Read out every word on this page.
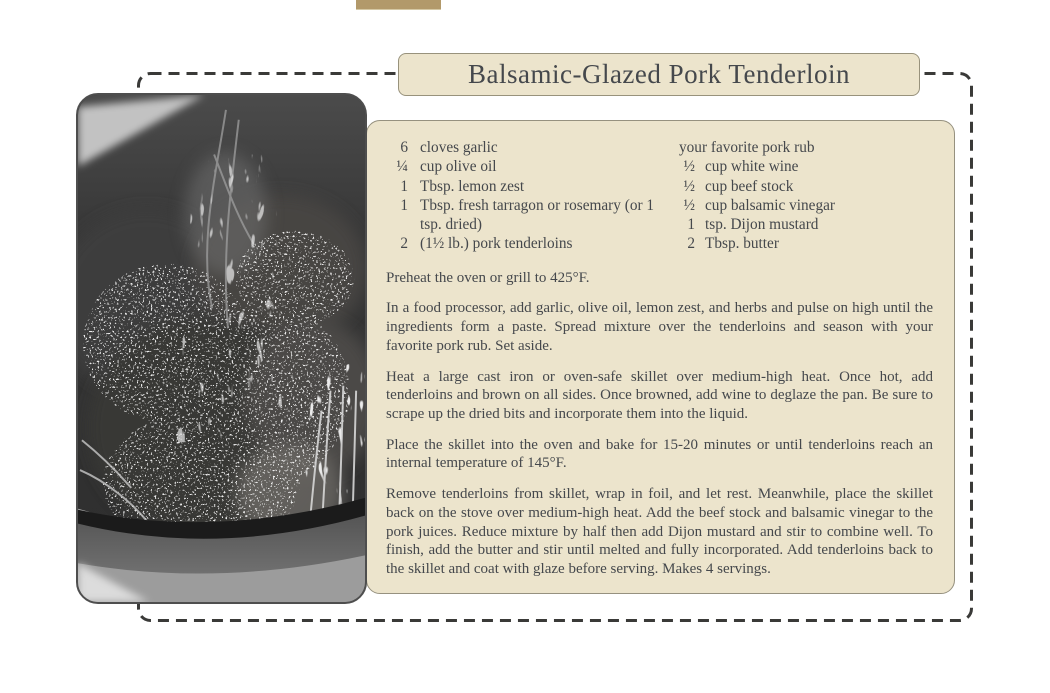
Balsamic-Glazed Pork Tenderloin
6 cloves garlic
¼ cup olive oil
1 Tbsp. lemon zest
1 Tbsp. fresh tarragon or rosemary (or 1 tsp. dried)
2 (1½ lb.) pork tenderloins
your favorite pork rub
½ cup white wine
½ cup beef stock
½ cup balsamic vinegar
1 tsp. Dijon mustard
2 Tbsp. butter

Preheat the oven or grill to 425°F.

In a food processor, add garlic, olive oil, lemon zest, and herbs and pulse on high until the ingredients form a paste. Spread mixture over the tenderloins and season with your favorite pork rub. Set aside.

Heat a large cast iron or oven-safe skillet over medium-high heat. Once hot, add tenderloins and brown on all sides. Once browned, add wine to deglaze the pan. Be sure to scrape up the dried bits and incorporate them into the liquid.

Place the skillet into the oven and bake for 15-20 minutes or until tenderloins reach an internal temperature of 145°F.

Remove tenderloins from skillet, wrap in foil, and let rest. Meanwhile, place the skillet back on the stove over medium-high heat. Add the beef stock and balsamic vinegar to the pork juices. Reduce mixture by half then add Dijon mustard and stir to combine well. To finish, add the butter and stir until melted and fully incorporated. Add tenderloins back to the skillet and coat with glaze before serving. Makes 4 servings.
